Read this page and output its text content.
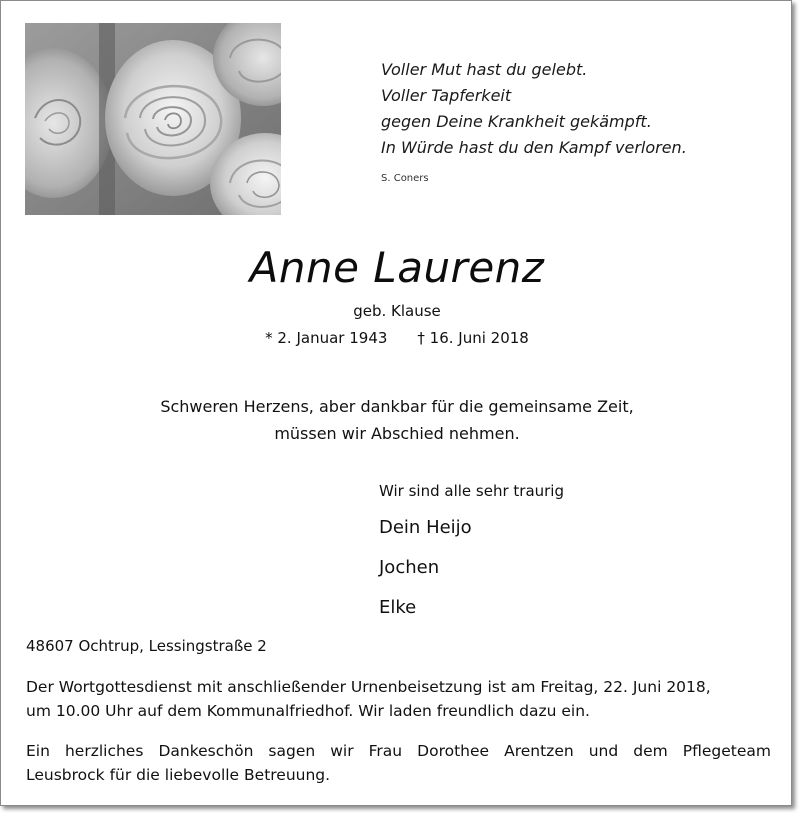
Voller Mut hast du gelebt.
Voller Tapferkeit
gegen Deine Krankheit gekämpft.
In Würde hast du den Kampf verloren.
S. Coners
Anne Laurenz
geb. Klause
* 2. Januar 1943 † 16. Juni 2018
Schweren Herzens, aber dankbar für die gemeinsame Zeit,
müssen wir Abschied nehmen.
Wir sind alle sehr traurig
Dein Heijo
Jochen
Elke
48607 Ochtrup, Lessingstraße 2
Der Wortgottesdienst mit anschließender Urnenbeisetzung ist am Freitag, 22. Juni 2018,
um 10.00 Uhr auf dem Kommunalfriedhof. Wir laden freundlich dazu ein.
Ein herzliches Dankeschön sagen wir Frau Dorothee Arentzen und dem Pflegeteam
Leusbrock für die liebevolle Betreuung.
